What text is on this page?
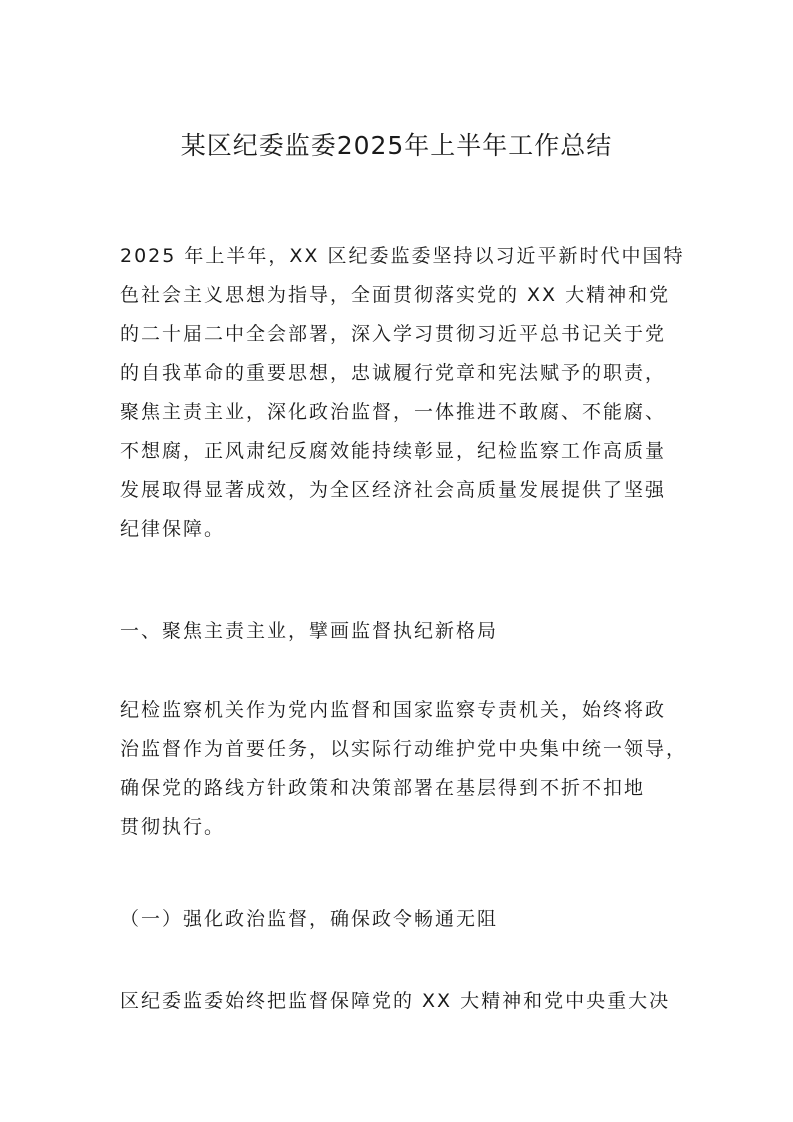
某区纪委监委2025年上半年工作总结

2025 年上半年，XX 区纪委监委坚持以习近平新时代中国特
色社会主义思想为指导，全面贯彻落实党的 XX 大精神和党
的二十届二中全会部署，深入学习贯彻习近平总书记关于党
的自我革命的重要思想，忠诚履行党章和宪法赋予的职责，
聚焦主责主业，深化政治监督，一体推进不敢腐、不能腐、
不想腐，正风肃纪反腐效能持续彰显，纪检监察工作高质量
发展取得显著成效，为全区经济社会高质量发展提供了坚强
纪律保障。

一、聚焦主责主业，擘画监督执纪新格局

纪检监察机关作为党内监督和国家监察专责机关，始终将政
治监督作为首要任务，以实际行动维护党中央集中统一领导，
确保党的路线方针政策和决策部署在基层得到不折不扣地
贯彻执行。

（一）强化政治监督，确保政令畅通无阻

区纪委监委始终把监督保障党的 XX 大精神和党中央重大决
